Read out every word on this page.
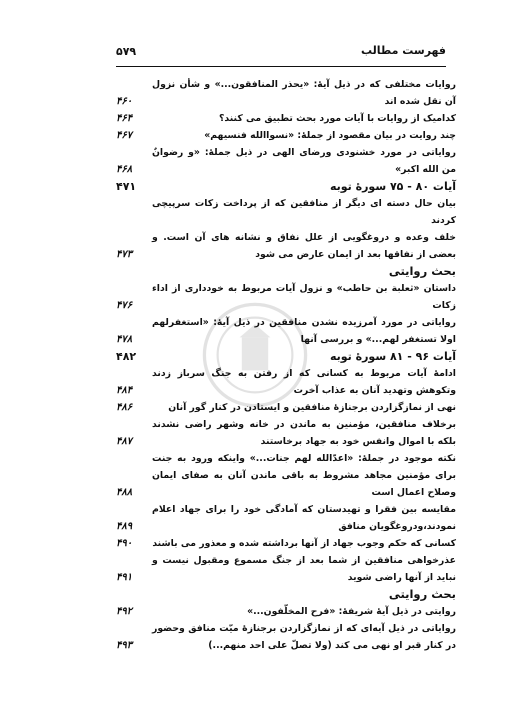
فهرست مطالب
۵۷۹
روایات مختلفی که در ذیل آیهٔ: «یحذر المنافقون...» و شأن نزول آن نقل شده اند
۴۶۰
کدامیک از روایات با آیات مورد بحث تطبیق می کنند؟
۴۶۴
چند روایت در بیان مقصود از جملهٔ: «نسواالله فنسیهم»
۴۶۷
روایاتی در مورد خشنودی ورضای الهی در ذیل جملهٔ: «و رضوانٌ من الله اکبر»
۴۶۸
آیات ۸۰ - ۷۵ سورهٔ توبه
۴۷۱
بیان حال دسته ای دیگر از منافقین که از پرداخت زکات سرپیچی کردند
خلف وعده و دروغگویی از علل نفاق و نشانه های آن است. و بعضی از نفاقها بعد از ایمان عارض می شود
۴۷۳
بحث روایتی
داستان «ثعلبة بن حاطب» و نزول آیات مربوط به خودداری از اداء زکات
۴۷۶
روایاتی در مورد آمرزیده نشدن منافقین در ذیل آیهٔ: «استغفرلهم اولا تستغفر لهم...» و بررسی آنها
۴۷۸
آیات ۹۶ - ۸۱ سورهٔ توبه
۴۸۲
ادامهٔ آیات مربوط به کسانی که از رفتن به جنگ سرباز زدند وتکوهش وتهدید آنان به عذاب آخرت
۴۸۴
نهی از نمازگزاردن برجنازهٔ منافقین و ایستادن در کنار گور آنان
۴۸۶
برخلاف منافقین، مؤمنین به ماندن در خانه وشهر راضی نشدند بلکه با اموال وانفس خود به جهاد برخاستند
۴۸۷
نکته موجود در جملهٔ: «اعدّالله لهم جنات...» واینکه ورود به جنت برای مؤمنین مجاهد مشروط به باقی ماندن آنان به صفای ایمان وصلاح اعمال است
۴۸۸
مقایسه بین فقرا و تهیدستان که آمادگی خود را برای جهاد اعلام نمودند،ودروغگویان منافق
۴۸۹
کسانی که حکم وجوب جهاد از آنها برداشته شده و معذور می باشند
۴۹۰
عذرخواهی منافقین از شما بعد از جنگ مسموع ومقبول نیست و نباید از آنها راضی شوید
۴۹۱
بحث روایتی
روایتی در ذیل آیهٔ شریفهٔ: «فرح المخلّفون...»
۴۹۲
روایاتی در ذیل آیه‌ای که از نمازگزاردن برجنازهٔ میّت منافق وحضور در کنار قبر او نهی می کند (ولا تصلّ علی احد منهم...)
۴۹۳
